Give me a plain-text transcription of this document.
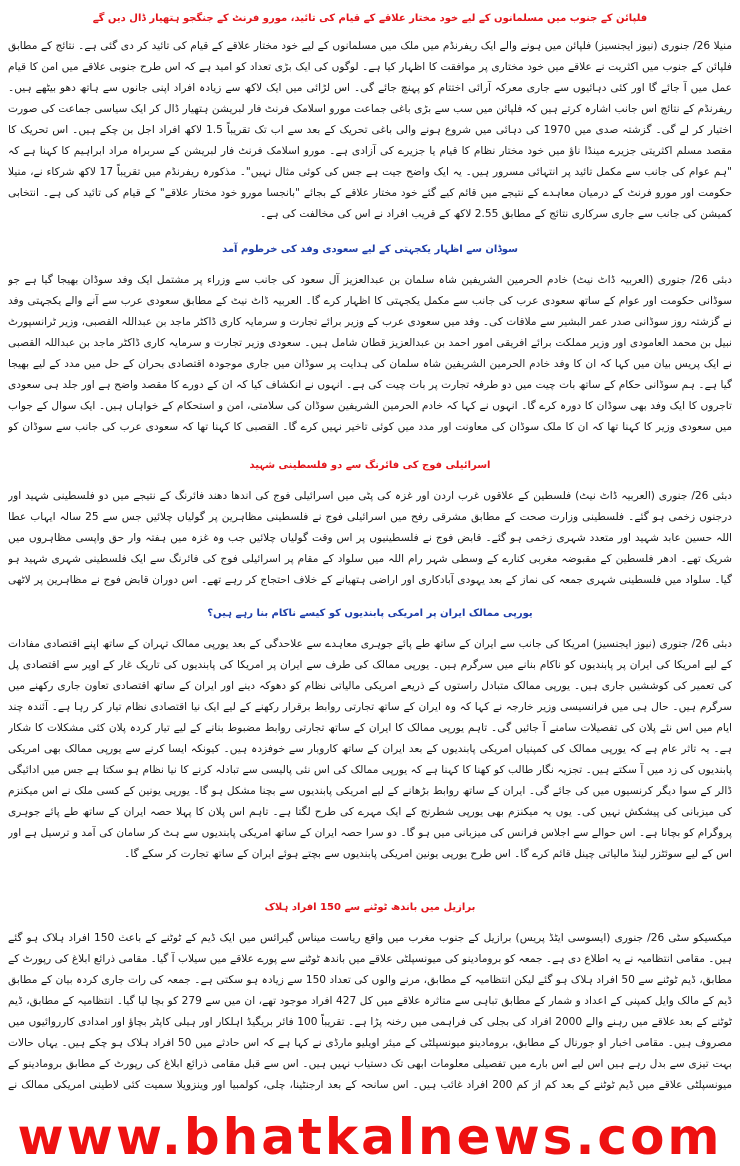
فلپائن کے جنوب میں مسلمانوں کے لیے خود مختار علاقے کے قیام کی تائید، مورو فرنٹ کے جنگجو ہتھیار ڈال دیں گے

منیلا 26/ جنوری (نیوز ایجنسیز) فلپائن میں ہونے والے ایک ریفرنڈم میں ملک میں مسلمانوں کے لیے خود مختار علاقے کے قیام کی تائید کر دی گئی ہے۔ نتائج کے مطابق فلپائن کے جنوب میں اکثریت نے علاقے میں خود مختاری پر موافقت کا اظہار کیا ہے۔ لوگوں کی ایک بڑی تعداد کو امید ہے کہ اس طرح جنوبی علاقے میں امن کا قیام عمل میں آ جائے گا اور کئی دہائیوں سے جاری معرکہ آرائی اختتام کو پہنچ جائے گی۔ اس لڑائی میں ایک لاکھ سے زیادہ افراد اپنی جانوں سے ہاتھ دھو بیٹھے ہیں۔ ریفرنڈم کے نتائج اس جانب اشارہ کرتے ہیں کہ فلپائن میں سب سے بڑی باغی جماعت مورو اسلامک فرنٹ فار لبریشن ہتھیار ڈال کر ایک سیاسی جماعت کی صورت اختیار کر لے گی۔ گزشتہ صدی میں 1970 کی دہائی میں شروع ہونے والی باغی تحریک کے بعد سے اب تک تقریباً 1.5 لاکھ افراد اجل بن چکے ہیں۔ اس تحریک کا مقصد مسلم اکثریتی جزیرے مینڈا ناؤ میں خود مختار نظام کا قیام یا جزیرے کی آزادی ہے۔ مورو اسلامک فرنٹ فار لبریشن کے سربراہ مراد ابراہیم کا کہنا ہے کہ "ہم عوام کی جانب سے مکمل تائید پر انتہائی مسرور ہیں۔ یہ ایک واضح جیت ہے جس کی کوئی مثال نہیں"۔ مذکورہ ریفرنڈم میں تقریباً 17 لاکھ شرکاء نے، منیلا حکومت اور مورو فرنٹ کے درمیان معاہدے کے نتیجے میں قائم کیے گئے خود مختار علاقے کے بجائے "بانجسا مورو خود مختار علاقے" کے قیام کی تائید کی ہے۔ انتخابی کمیشن کی جانب سے جاری سرکاری نتائج کے مطابق 2.55 لاکھ کے قریب افراد نے اس کی مخالفت کی ہے۔

سوڈان سے اظہار یکجہتی کے لیے سعودی وفد کی خرطوم آمد

دبئی 26/ جنوری (العربیہ ڈاٹ نیٹ) خادم الحرمین الشریفین شاہ سلمان بن عبدالعزیز آل سعود کی جانب سے وزراء پر مشتمل ایک وفد سوڈان بھیجا گیا ہے جو سوڈانی حکومت اور عوام کے ساتھ سعودی عرب کی جانب سے مکمل یکجہتی کا اظہار کرے گا۔ العربیہ ڈاٹ نیٹ کے مطابق سعودی عرب سے آنے والے یکجہتی وفد نے گزشتہ روز سوڈانی صدر عمر البشیر سے ملاقات کی۔ وفد میں سعودی عرب کے وزیر برائے تجارت و سرمایہ کاری ڈاکٹر ماجد بن عبداللہ القصبی، وزیر ٹرانسپورٹ نبیل بن محمد العامودی اور وزیر مملکت برائے افریقی امور احمد بن عبدالعزیز قطان شامل ہیں۔ سعودی وزیر تجارت و سرمایہ کاری ڈاکٹر ماجد بن عبداللہ القصبی نے ایک پریس بیان میں کہا کہ ان کا وفد خادم الحرمین الشریفین شاہ سلمان کی ہدایت پر سوڈان میں جاری موجودہ اقتصادی بحران کے حل میں مدد کے لیے بھیجا گیا ہے۔ ہم سوڈانی حکام کے ساتھ بات چیت میں دو طرفہ تجارت پر بات چیت کی ہے۔ انہوں نے انکشاف کیا کہ ان کے دورے کا مقصد واضح ہے اور جلد ہی سعودی تاجروں کا ایک وفد بھی سوڈان کا دورہ کرے گا۔ انہوں نے کہا کہ خادم الحرمین الشریفین سوڈان کی سلامتی، امن و استحکام کے خواہاں ہیں۔ ایک سوال کے جواب میں سعودی وزیر کا کہنا تھا کہ ان کا ملک سوڈان کی معاونت اور مدد میں کوئی تاخیر نہیں کرے گا۔ القصبی کا کہنا تھا کہ سعودی عرب کی جانب سے سوڈان کو

اسرائیلی فوج کی فائرنگ سے دو فلسطینی شہید

دبئی 26/ جنوری (العربیہ ڈاٹ نیٹ) فلسطین کے علاقوں غرب اردن اور غزہ کی پٹی میں اسرائیلی فوج کی اندھا دھند فائرنگ کے نتیجے میں دو فلسطینی شہید اور درجنوں زخمی ہو گئے۔ فلسطینی وزارت صحت کے مطابق مشرقی رفح میں اسرائیلی فوج نے فلسطینی مظاہرین پر گولیاں چلائیں جس سے 25 سالہ ایہاب عطا اللہ حسین عابد شہید اور متعدد شہری زخمی ہو گئے۔ قابض فوج نے فلسطینیوں پر اس وقت گولیاں چلائیں جب وہ غزہ میں ہفتہ وار حق واپسی مظاہروں میں شریک تھے۔ ادھر فلسطین کے مقبوضہ مغربی کنارے کے وسطی شہر رام اللہ میں سلواد کے مقام پر اسرائیلی فوج کی فائرنگ سے ایک فلسطینی شہری شہید ہو گیا۔ سلواد میں فلسطینی شہری جمعہ کی نماز کے بعد یہودی آبادکاری اور اراضی ہتھیانے کے خلاف احتجاج کر رہے تھے۔ اس دوران قابض فوج نے مظاہرین پر لاٹھی

یورپی ممالک ایران پر امریکی پابندیوں کو کیسے ناکام بنا رہے ہیں؟

دبئی 26/ جنوری (نیوز ایجنسیز) امریکا کی جانب سے ایران کے ساتھ طے پائے جوہری معاہدے سے علاحدگی کے بعد یورپی ممالک تہران کے ساتھ اپنے اقتصادی مفادات کے لیے امریکا کی ایران پر پابندیوں کو ناکام بنانے میں سرگرم ہیں۔ یورپی ممالک کی طرف سے ایران پر امریکا کی پابندیوں کی تاریک غار کے اوپر سے اقتصادی پل کی تعمیر کی کوششیں جاری ہیں۔ یورپی ممالک متبادل راستوں کے ذریعے امریکی مالیاتی نظام کو دھوکہ دینے اور ایران کے ساتھ اقتصادی تعاون جاری رکھنے میں سرگرم ہیں۔ حال ہی میں فرانسیسی وزیر خارجہ نے کہا کہ وہ ایران کے ساتھ تجارتی روابط برقرار رکھنے کے لیے ایک نیا اقتصادی نظام تیار کر رہا ہے۔ آئندہ چند ایام میں اس نئے پلان کی تفصیلات سامنے آ جائیں گی۔ تاہم یورپی ممالک کا ایران کے ساتھ تجارتی روابط مضبوط بنانے کے لیے تیار کردہ پلان کئی مشکلات کا شکار ہے۔ یہ تاثر عام ہے کہ یورپی ممالک کی کمپنیاں امریکی پابندیوں کے بعد ایران کے ساتھ کاروبار سے خوفزدہ ہیں۔ کیونکہ ایسا کرنے سے یورپی ممالک بھی امریکی پابندیوں کی زد میں آ سکتے ہیں۔ تجزیہ نگار طالب کو کھنا کا کہنا ہے کہ یورپی ممالک کی اس نئی پالیسی سے تبادلہ کرنے کا نیا نظام ہو سکتا ہے جس میں ادائیگی ڈالر کے سوا دیگر کرنسیوں میں کی جائے گی۔ ایران کے ساتھ روابط بڑھانے کے لیے امریکی پابندیوں سے بچنا مشکل ہو گا۔ یورپی یونین کے کسی ملک نے اس میکنزم کی میزبانی کی پیشکش نہیں کی۔ یوں یہ میکنزم بھی یورپی شطرنج کے ایک مہرے کی طرح لگتا ہے۔ تاہم اس پلان کا پہلا حصہ ایران کے ساتھ طے پائے جوہری پروگرام کو بچانا ہے۔ اس حوالے سے اجلاس فرانس کی میزبانی میں ہو گا۔ دو سرا حصہ ایران کے ساتھ امریکی پابندیوں سے ہٹ کر سامان کی آمد و ترسیل ہے اور اس کے لیے سوئٹزر لینڈ مالیاتی چینل قائم کرے گا۔ اس طرح یورپی یونین امریکی پابندیوں سے بچتے ہوئے ایران کے ساتھ تجارت کر سکے گا۔

برازیل میں باندھ ٹوٹنے سے 150 افراد ہلاک

میکسیکو سٹی 26/ جنوری (ایسوسی ایٹڈ پریس) برازیل کے جنوب مغرب میں واقع ریاست میناس گیرائس میں ایک ڈیم کے ٹوٹنے کے باعث 150 افراد ہلاک ہو گئے ہیں۔ مقامی انتظامیہ نے یہ اطلاع دی ہے۔ جمعہ کو برومادینو کی میونسپلٹی علاقے میں باندھ ٹوٹنے سے پورے علاقے میں سیلاب آ گیا۔ مقامی ذرائع ابلاغ کی رپورٹ کے مطابق، ڈیم ٹوٹنے سے 50 افراد ہلاک ہو گئے لیکن انتظامیہ کے مطابق، مرنے والوں کی تعداد 150 سے زیادہ ہو سکتی ہے۔ جمعہ کی رات جاری کردہ بیان کے مطابق ڈیم کے مالک وایل کمپنی کے اعداد و شمار کے مطابق تباہی سے متاثرہ علاقے میں کل 427 افراد موجود تھے، ان میں سے 279 کو بچا لیا گیا۔ انتظامیہ کے مطابق، ڈیم ٹوٹنے کے بعد علاقے میں رہنے والے 2000 افراد کی بجلی کی فراہمی میں رخنہ پڑا ہے۔ تقریباً 100 فائر بریگیڈ اہلکار اور ہیلی کاپٹر بچاؤ اور امدادی کارروائیوں میں مصروف ہیں۔ مقامی اخبار او جورنال کے مطابق، برومادینو میونسپلٹی کے میئر اویلیو مارڈی نے کہا ہے کہ اس حادثے میں 50 افراد ہلاک ہو چکے ہیں۔ یہاں حالات بہت تیزی سے بدل رہے ہیں اس لیے اس بارے میں تفصیلی معلومات ابھی تک دستیاب نہیں ہیں۔ اس سے قبل مقامی ذرائع ابلاغ کی رپورٹ کے مطابق برومادینو کے میونسپلٹی علاقے میں ڈیم ٹوٹنے کے بعد کم از کم 200 افراد غائب ہیں۔ اس سانحہ کے بعد ارجنٹینا، چلی، کولمبیا اور وینزویلا سمیت کئی لاطینی امریکی ممالک نے

www.bhatkalnews.com
